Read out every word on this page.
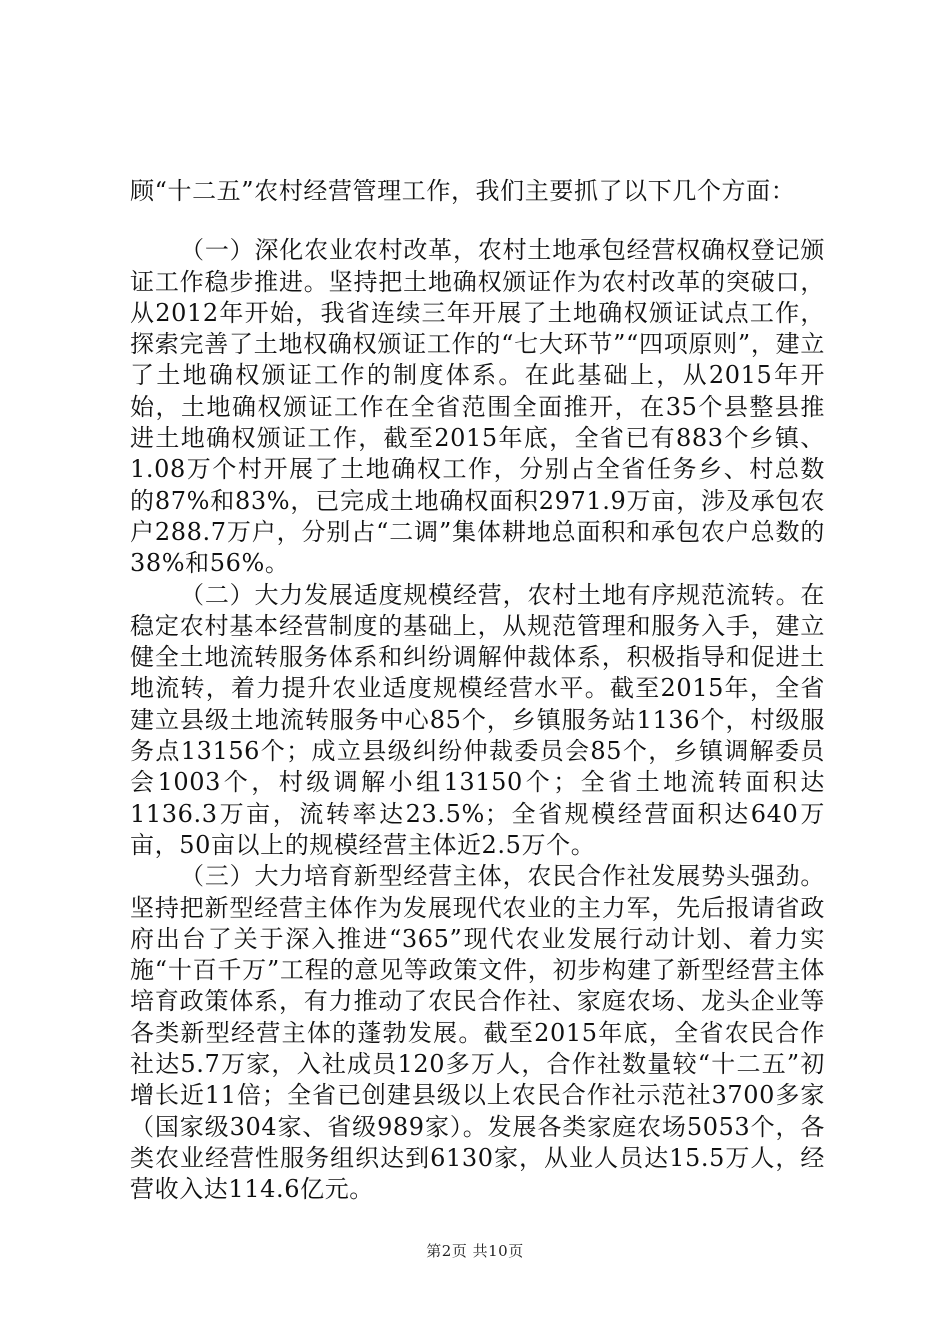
顾“十二五”农村经营管理工作，我们主要抓了以下几个方面：

（一）深化农业农村改革，农村土地承包经营权确权登记颁证工作稳步推进。坚持把土地确权颁证作为农村改革的突破口，从2012年开始，我省连续三年开展了土地确权颁证试点工作，探索完善了土地权确权颁证工作的“七大环节”“四项原则”，建立了土地确权颁证工作的制度体系。在此基础上，从2015年开始，土地确权颁证工作在全省范围全面推开，在35个县整县推进土地确权颁证工作，截至2015年底，全省已有883个乡镇、1.08万个村开展了土地确权工作，分别占全省任务乡、村总数的87%和83%，已完成土地确权面积2971.9万亩，涉及承包农户288.7万户，分别占“二调”集体耕地总面积和承包农户总数的38%和56%。

（二）大力发展适度规模经营，农村土地有序规范流转。在稳定农村基本经营制度的基础上，从规范管理和服务入手，建立健全土地流转服务体系和纠纷调解仲裁体系，积极指导和促进土地流转，着力提升农业适度规模经营水平。截至2015年，全省建立县级土地流转服务中心85个，乡镇服务站1136个，村级服务点13156个；成立县级纠纷仲裁委员会85个，乡镇调解委员会1003个，村级调解小组13150个；全省土地流转面积达1136.3万亩，流转率达23.5%；全省规模经营面积达640万亩，50亩以上的规模经营主体近2.5万个。

（三）大力培育新型经营主体，农民合作社发展势头强劲。坚持把新型经营主体作为发展现代农业的主力军，先后报请省政府出台了关于深入推进“365”现代农业发展行动计划、着力实施“十百千万”工程的意见等政策文件，初步构建了新型经营主体培育政策体系，有力推动了农民合作社、家庭农场、龙头企业等各类新型经营主体的蓬勃发展。截至2015年底，全省农民合作社达5.7万家，入社成员120多万人，合作社数量较“十二五”初增长近11倍；全省已创建县级以上农民合作社示范社3700多家（国家级304家、省级989家）。发展各类家庭农场5053个，各类农业经营性服务组织达到6130家，从业人员达15.5万人，经营收入达114.6亿元。

第2页 共10页
